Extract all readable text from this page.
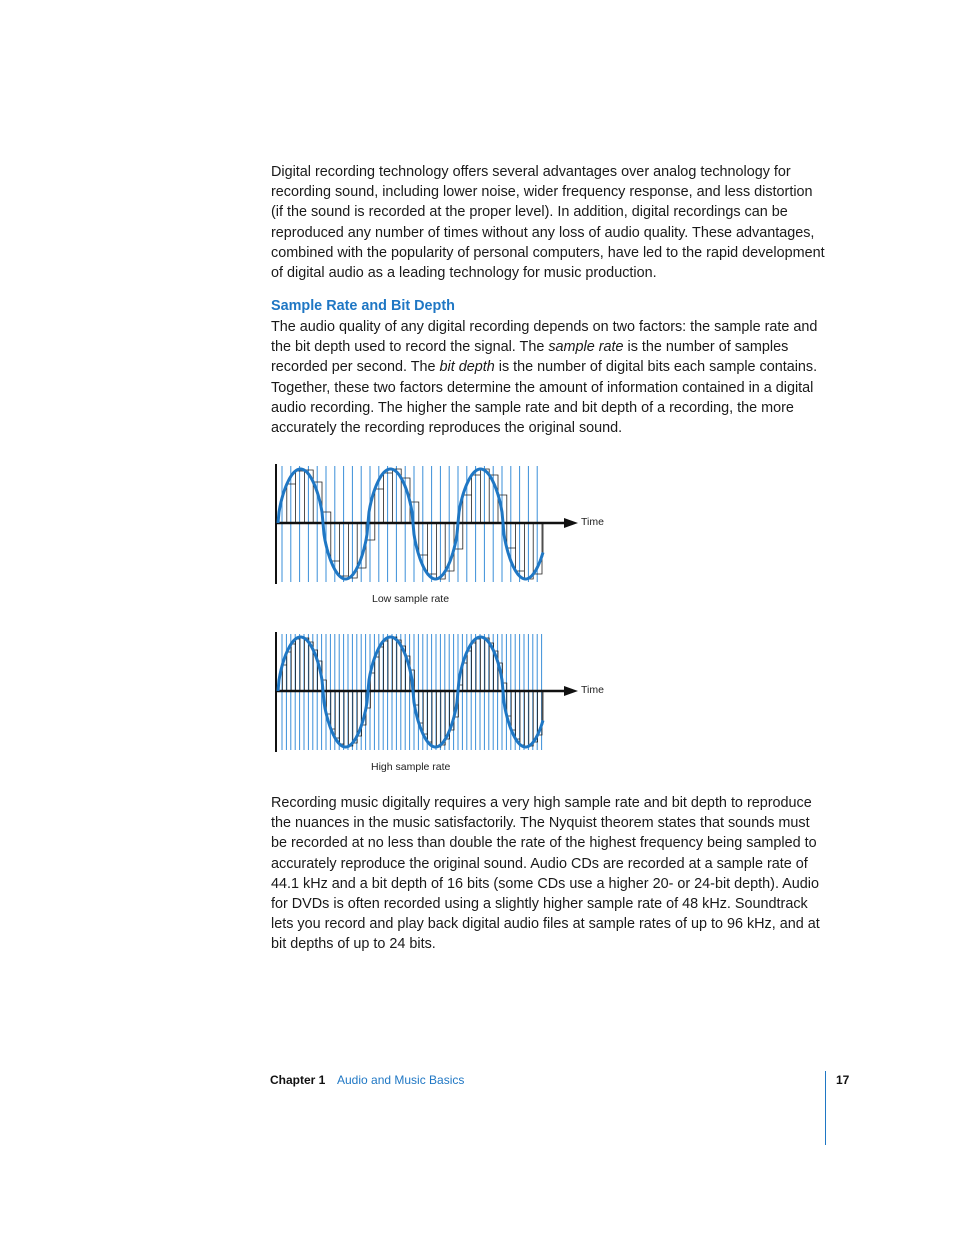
Digital recording technology offers several advantages over analog technology for recording sound, including lower noise, wider frequency response, and less distortion (if the sound is recorded at the proper level). In addition, digital recordings can be reproduced any number of times without any loss of audio quality. These advantages, combined with the popularity of personal computers, have led to the rapid development of digital audio as a leading technology for music production.

Sample Rate and Bit Depth

The audio quality of any digital recording depends on two factors: the sample rate and the bit depth used to record the signal. The sample rate is the number of samples recorded per second. The bit depth is the number of digital bits each sample contains. Together, these two factors determine the amount of information contained in a digital audio recording. The higher the sample rate and bit depth of a recording, the more accurately the recording reproduces the original sound.

Time
Low sample rate
Time
High sample rate

Recording music digitally requires a very high sample rate and bit depth to reproduce the nuances in the music satisfactorily. The Nyquist theorem states that sounds must be recorded at no less than double the rate of the highest frequency being sampled to accurately reproduce the original sound. Audio CDs are recorded at a sample rate of 44.1 kHz and a bit depth of 16 bits (some CDs use a higher 20- or 24-bit depth). Audio for DVDs is often recorded using a slightly higher sample rate of 48 kHz. Soundtrack lets you record and play back digital audio files at sample rates of up to 96 kHz, and at bit depths of up to 24 bits.

Chapter 1 Audio and Music Basics	17
